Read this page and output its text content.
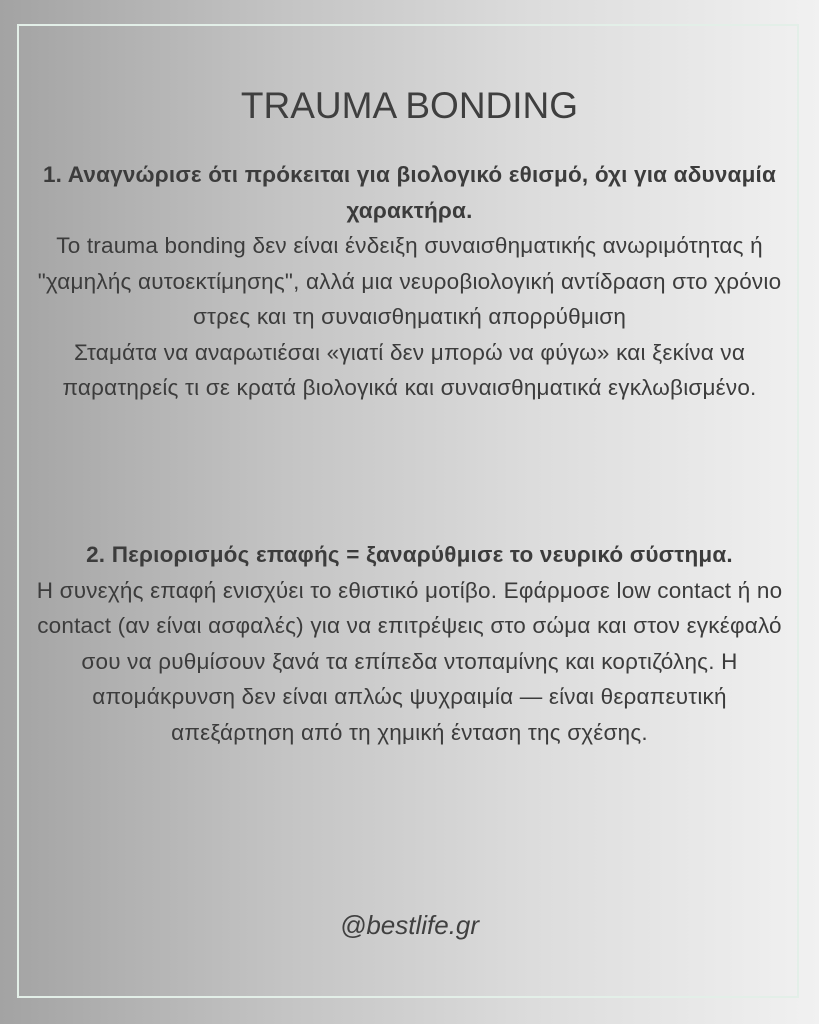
TRAUMA BONDING

1. Αναγνώρισε ότι πρόκειται για βιολογικό εθισμό, όχι για αδυναμία χαρακτήρα.

Το trauma bonding δεν είναι ένδειξη συναισθηματικής ανωριμότητας ή "χαμηλής αυτοεκτίμησης", αλλά μια νευροβιολογική αντίδραση στο χρόνιο στρες και τη συναισθηματική απορρύθμιση

Σταμάτα να αναρωτιέσαι «γιατί δεν μπορώ να φύγω» και ξεκίνα να παρατηρείς τι σε κρατά βιολογικά και συναισθηματικά εγκλωβισμένο.

2. Περιορισμός επαφής = ξαναρύθμισε το νευρικό σύστημα.

Η συνεχής επαφή ενισχύει το εθιστικό μοτίβο. Εφάρμοσε low contact ή no contact (αν είναι ασφαλές) για να επιτρέψεις στο σώμα και στον εγκέφαλό σου να ρυθμίσουν ξανά τα επίπεδα ντοπαμίνης και κορτιζόλης. Η απομάκρυνση δεν είναι απλώς ψυχραιμία — είναι θεραπευτική απεξάρτηση από τη χημική ένταση της σχέσης.

@bestlife.gr
